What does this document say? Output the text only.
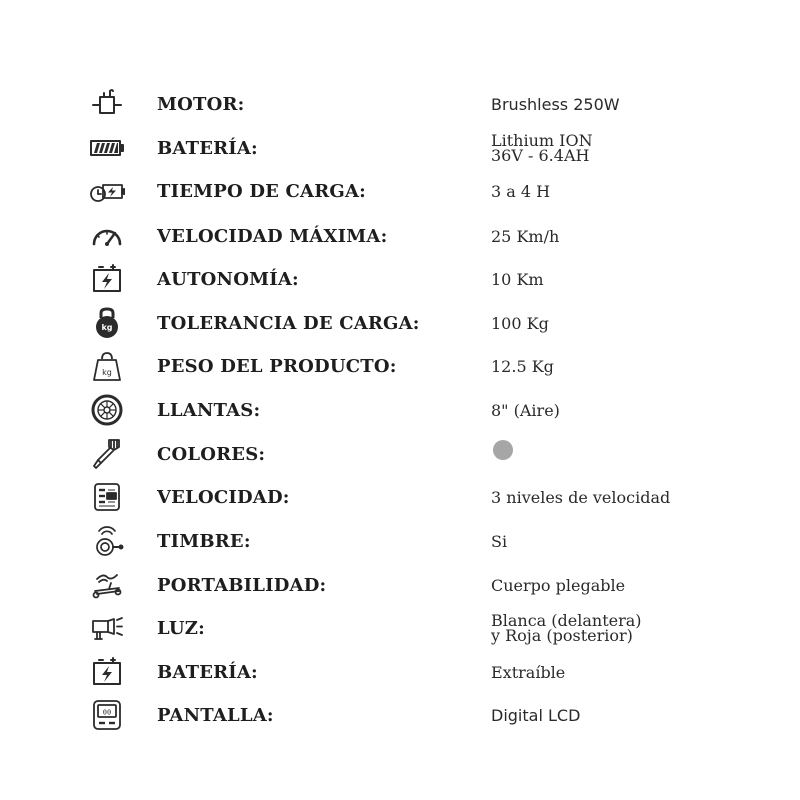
MOTOR:	Brushless 250W
BATERÍA:	Lithium ION
36V - 6.4AH
TIEMPO DE CARGA:	3 a 4 H
VELOCIDAD MÁXIMA:	25 Km/h
AUTONOMÍA:	10 Km
kg TOLERANCIA DE CARGA:	100 Kg
kg	PESO DEL PRODUCTO:	12.5 Kg
LLANTAS:	8" (Aire)
COLORES:
VELOCIDAD:	3 niveles de velocidad
TIMBRE:	Si
PORTABILIDAD:	Cuerpo plegable
LUZ:	Blanca (delantera)
y Roja (posterior)
BATERÍA:	Extraíble
00	PANTALLA:	Digital LCD
